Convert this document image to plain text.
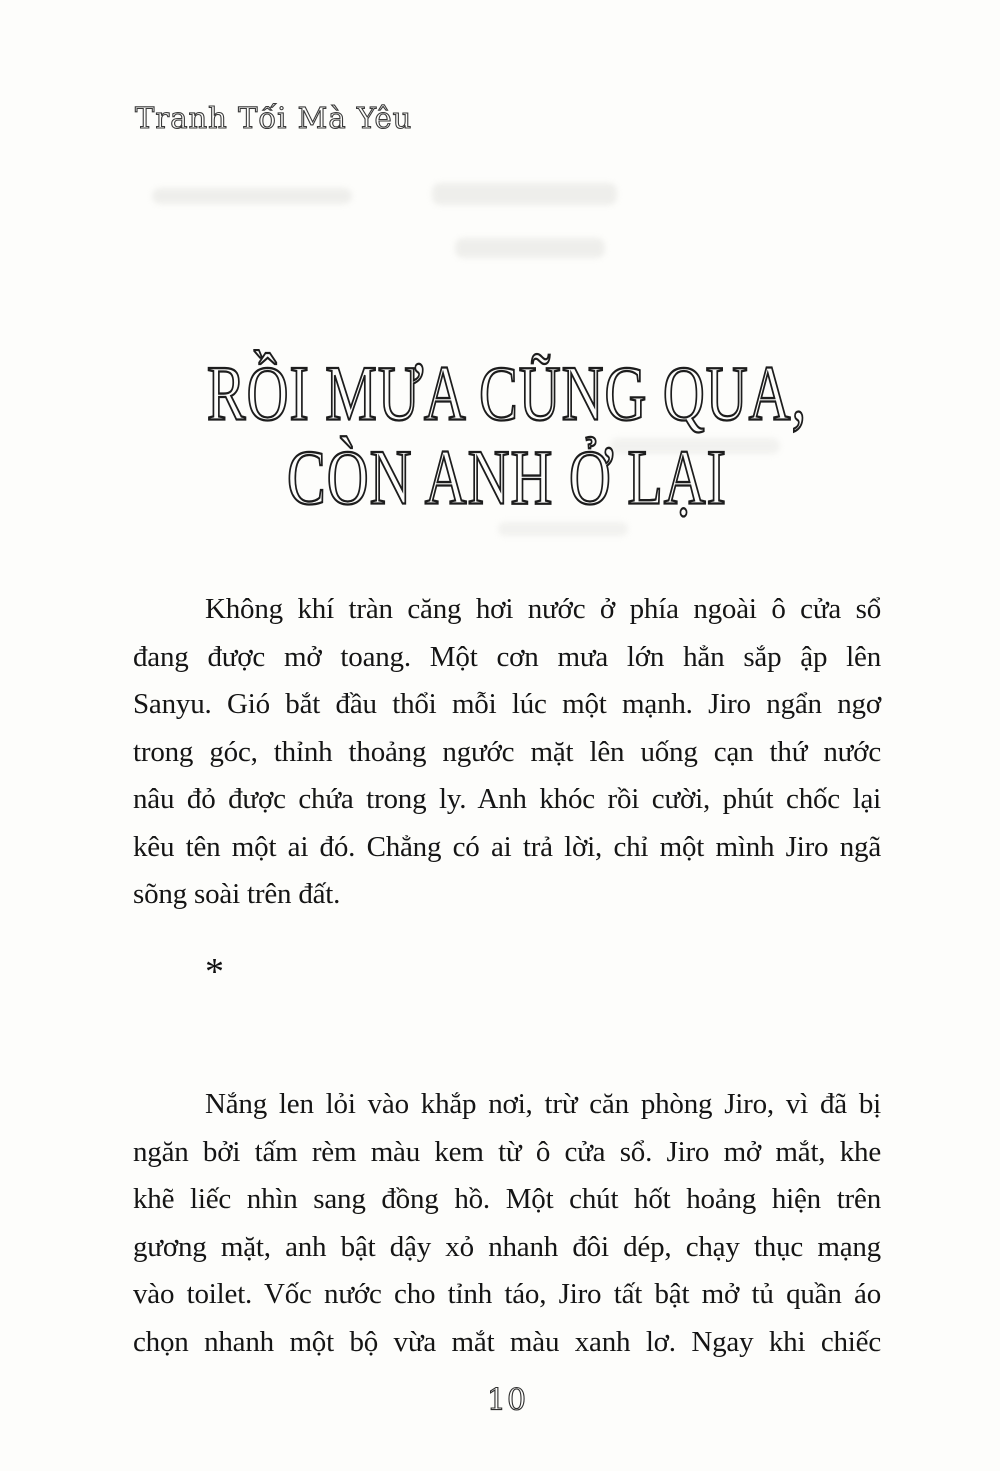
Tranh Tối Mà Yêu
RỒI MƯA CŨNG QUA,
CÒN ANH Ở LẠI
Không khí tràn căng hơi nước ở phía ngoài ô cửa sổ
đang được mở toang. Một cơn mưa lớn hẳn sắp ập lên
Sanyu. Gió bắt đầu thổi mỗi lúc một mạnh. Jiro ngẩn ngơ
trong góc, thỉnh thoảng ngước mặt lên uống cạn thứ nước
nâu đỏ được chứa trong ly. Anh khóc rồi cười, phút chốc lại
kêu tên một ai đó. Chẳng có ai trả lời, chỉ một mình Jiro ngã
sõng soài trên đất.
*
Nắng len lỏi vào khắp nơi, trừ căn phòng Jiro, vì đã bị
ngăn bởi tấm rèm màu kem từ ô cửa sổ. Jiro mở mắt, khe
khẽ liếc nhìn sang đồng hồ. Một chút hốt hoảng hiện trên
gương mặt, anh bật dậy xỏ nhanh đôi dép, chạy thục mạng
vào toilet. Vốc nước cho tỉnh táo, Jiro tất bật mở tủ quần áo
chọn nhanh một bộ vừa mắt màu xanh lơ. Ngay khi chiếc
10
